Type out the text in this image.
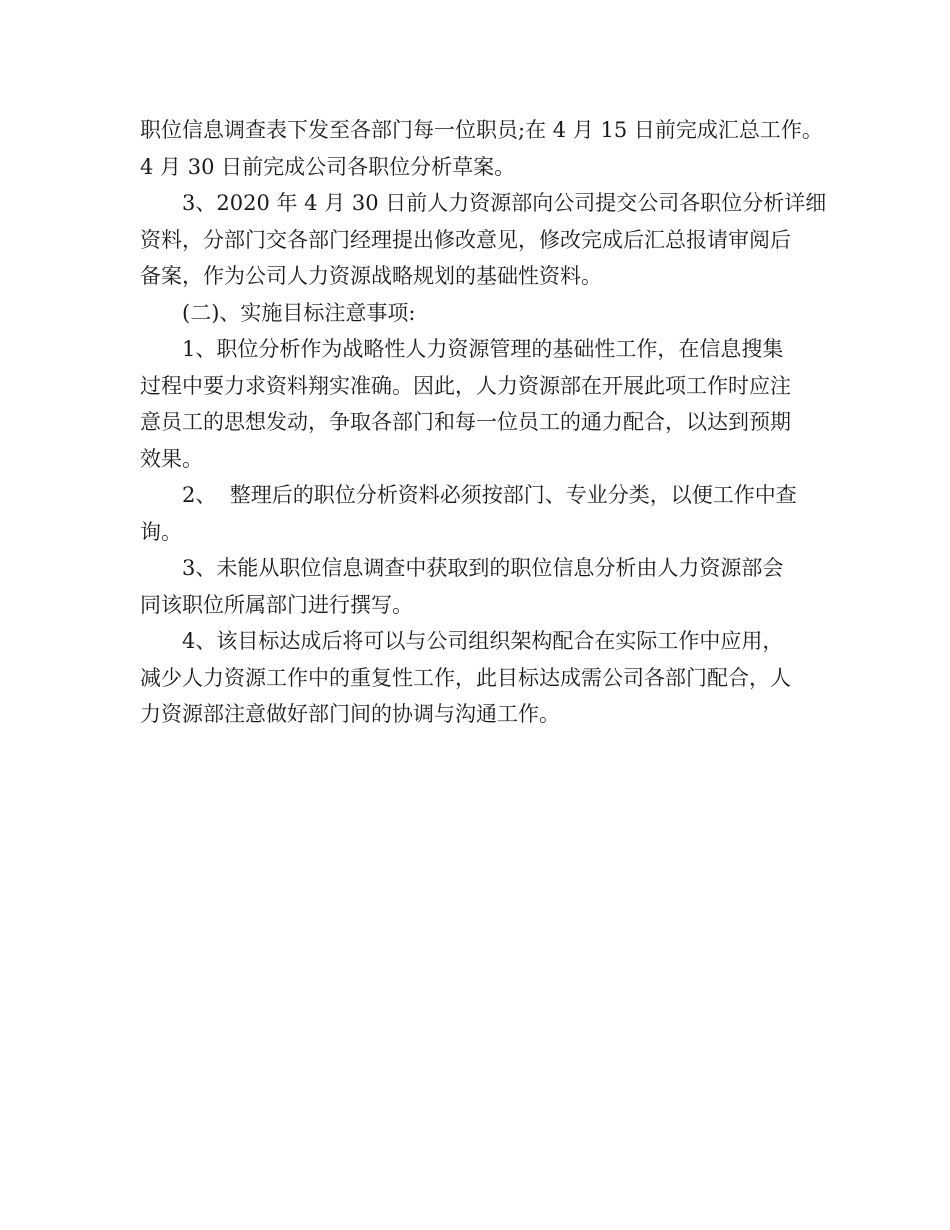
职位信息调查表下发至各部门每一位职员;在 4 月 15 日前完成汇总工作。
4 月 30 日前完成公司各职位分析草案。
3、2020 年 4 月 30 日前人力资源部向公司提交公司各职位分析详细
资料，分部门交各部门经理提出修改意见，修改完成后汇总报请审阅后
备案，作为公司人力资源战略规划的基础性资料。
(二)、实施目标注意事项:
1、职位分析作为战略性人力资源管理的基础性工作，在信息搜集
过程中要力求资料翔实准确。因此，人力资源部在开展此项工作时应注
意员工的思想发动，争取各部门和每一位员工的通力配合，以达到预期
效果。
2、  整理后的职位分析资料必须按部门、专业分类，以便工作中查
询。
3、未能从职位信息调查中获取到的职位信息分析由人力资源部会
同该职位所属部门进行撰写。
4、该目标达成后将可以与公司组织架构配合在实际工作中应用，
减少人力资源工作中的重复性工作，此目标达成需公司各部门配合，人
力资源部注意做好部门间的协调与沟通工作。
